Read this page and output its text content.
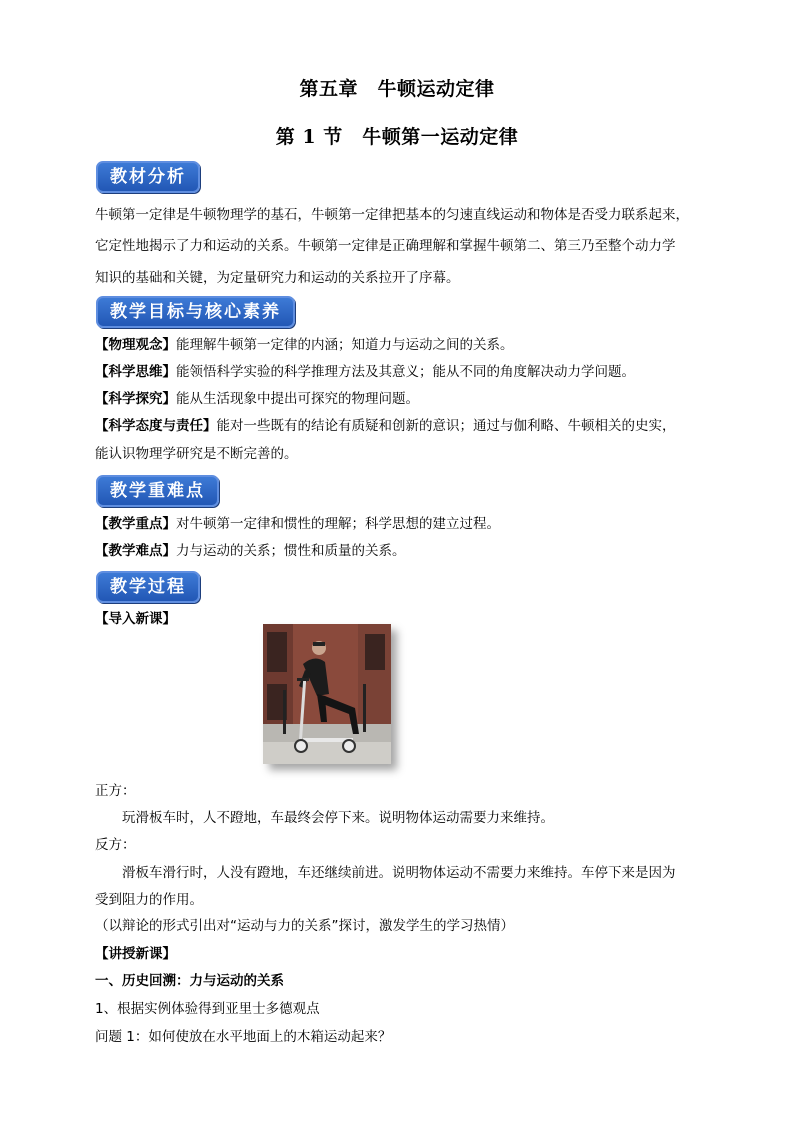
第五章　牛顿运动定律
第 1 节　牛顿第一运动定律
教材分析
牛顿第一定律是牛顿物理学的基石，牛顿第一定律把基本的匀速直线运动和物体是否受力联系起来，
它定性地揭示了力和运动的关系。牛顿第一定律是正确理解和掌握牛顿第二、第三乃至整个动力学
知识的基础和关键，为定量研究力和运动的关系拉开了序幕。
教学目标与核心素养
【物理观念】能理解牛顿第一定律的内涵；知道力与运动之间的关系。
【科学思维】能领悟科学实验的科学推理方法及其意义；能从不同的角度解决动力学问题。
【科学探究】能从生活现象中提出可探究的物理问题。
【科学态度与责任】能对一些既有的结论有质疑和创新的意识；通过与伽利略、牛顿相关的史实，
能认识物理学研究是不断完善的。
教学重难点
【教学重点】对牛顿第一定律和惯性的理解；科学思想的建立过程。
【教学难点】力与运动的关系；惯性和质量的关系。
教学过程
【导入新课】
正方：
玩滑板车时，人不蹬地，车最终会停下来。说明物体运动需要力来维持。
反方：
滑板车滑行时，人没有蹬地，车还继续前进。说明物体运动不需要力来维持。车停下来是因为
受到阻力的作用。
（以辩论的形式引出对“运动与力的关系”探讨，激发学生的学习热情）
【讲授新课】
一、历史回溯：力与运动的关系
1、根据实例体验得到亚里士多德观点
问题 1：如何使放在水平地面上的木箱运动起来？
